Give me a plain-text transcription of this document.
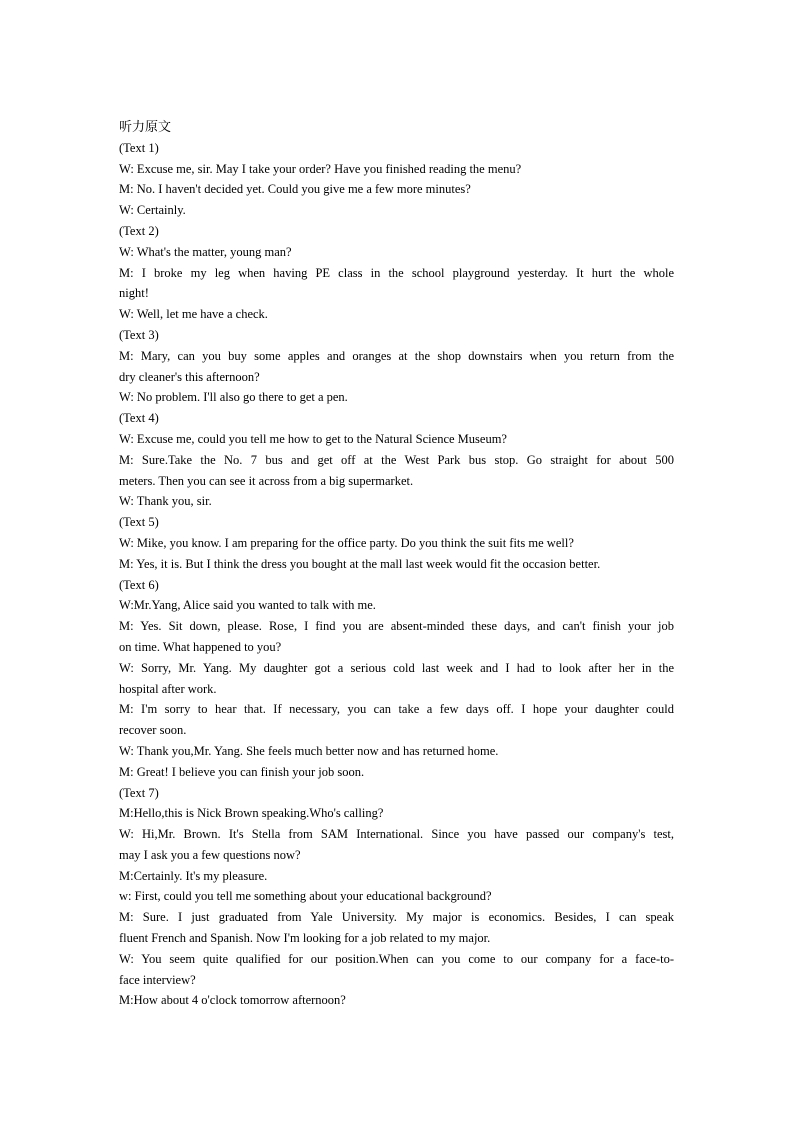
听力原文
(Text 1)
W: Excuse me, sir. May I take your order? Have you finished reading the menu?
M: No. I haven't decided yet. Could you give me a few more minutes?
W: Certainly.
(Text 2)
W: What's the matter, young man?
M: I broke my leg when having PE class in the school playground yesterday. It hurt the whole
night!
W: Well, let me have a check.
(Text 3)
M: Mary, can you buy some apples and oranges at the shop downstairs when you return from the
dry cleaner's this afternoon?
W: No problem. I'll also go there to get a pen.
(Text 4)
W: Excuse me, could you tell me how to get to the Natural Science Museum?
M: Sure.Take the No. 7 bus and get off at the West Park bus stop. Go straight for about 500
meters. Then you can see it across from a big supermarket.
W: Thank you, sir.
(Text 5)
W: Mike, you know. I am preparing for the office party. Do you think the suit fits me well?
M: Yes, it is. But I think the dress you bought at the mall last week would fit the occasion better.
(Text 6)
W:Mr.Yang, Alice said you wanted to talk with me.
M: Yes. Sit down, please. Rose, I find you are absent-minded these days, and can't finish your job
on time. What happened to you?
W: Sorry, Mr. Yang. My daughter got a serious cold last week and I had to look after her in the
hospital after work.
M: I'm sorry to hear that. If necessary, you can take a few days off. I hope your daughter could
recover soon.
W: Thank you,Mr. Yang. She feels much better now and has returned home.
M: Great! I believe you can finish your job soon.
(Text 7)
M:Hello,this is Nick Brown speaking.Who's calling?
W: Hi,Mr. Brown. It's Stella from SAM International. Since you have passed our company's test,
may I ask you a few questions now?
M:Certainly. It's my pleasure.
w: First, could you tell me something about your educational background?
M: Sure. I just graduated from Yale University. My major is economics. Besides, I can speak
fluent French and Spanish. Now I'm looking for a job related to my major.
W: You seem quite qualified for our position.When can you come to our company for a face-to-
face interview?
M:How about 4 o'clock tomorrow afternoon?
